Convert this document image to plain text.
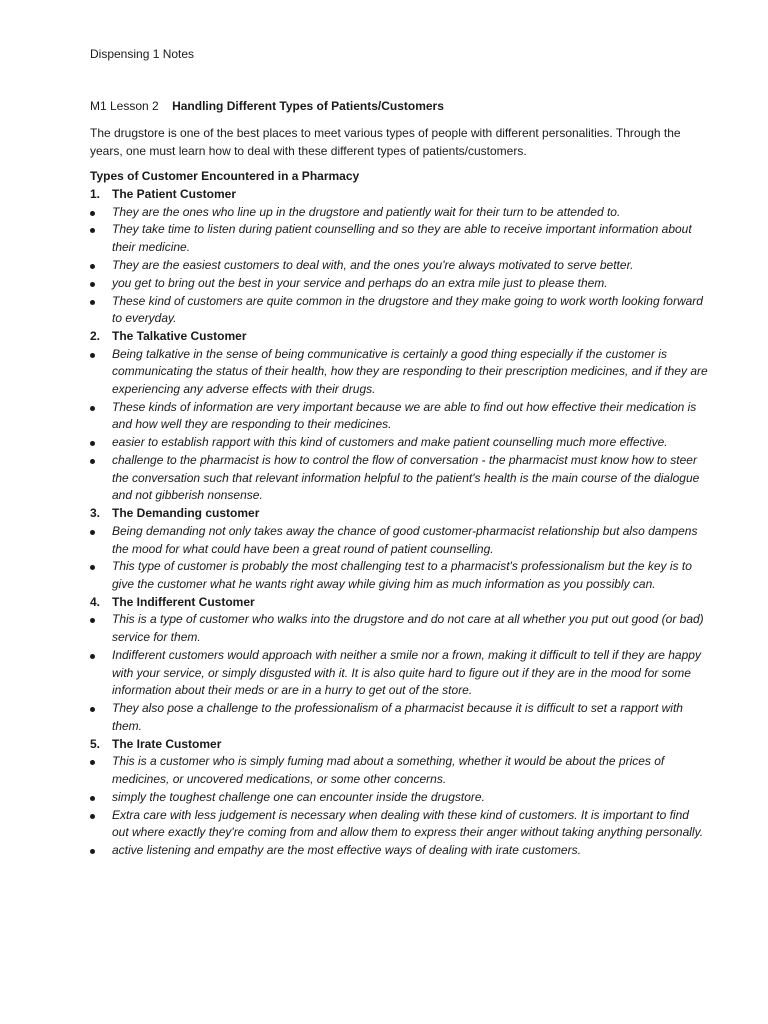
Dispensing 1 Notes
M1 Lesson 2 Handling Different Types of Patients/Customers

The drugstore is one of the best places to meet various types of people with different personalities. Through the years, one must learn how to deal with these different types of patients/customers.

Types of Customer Encountered in a Pharmacy

1. The Patient Customer
They are the ones who line up in the drugstore and patiently wait for their turn to be attended to.
They take time to listen during patient counselling and so they are able to receive important information about their medicine.
They are the easiest customers to deal with, and the ones you're always motivated to serve better.
you get to bring out the best in your service and perhaps do an extra mile just to please them.
These kind of customers are quite common in the drugstore and they make going to work worth looking forward to everyday.
2. The Talkative Customer
Being talkative in the sense of being communicative is certainly a good thing especially if the customer is communicating the status of their health, how they are responding to their prescription medicines, and if they are experiencing any adverse effects with their drugs.
These kinds of information are very important because we are able to find out how effective their medication is and how well they are responding to their medicines.
easier to establish rapport with this kind of customers and make patient counselling much more effective.
challenge to the pharmacist is how to control the flow of conversation - the pharmacist must know how to steer the conversation such that relevant information helpful to the patient's health is the main course of the dialogue and not gibberish nonsense.
3. The Demanding customer
Being demanding not only takes away the chance of good customer-pharmacist relationship but also dampens the mood for what could have been a great round of patient counselling.
This type of customer is probably the most challenging test to a pharmacist's professionalism but the key is to give the customer what he wants right away while giving him as much information as you possibly can.
4. The Indifferent Customer
This is a type of customer who walks into the drugstore and do not care at all whether you put out good (or bad) service for them.
Indifferent customers would approach with neither a smile nor a frown, making it difficult to tell if they are happy with your service, or simply disgusted with it. It is also quite hard to figure out if they are in the mood for some information about their meds or are in a hurry to get out of the store.
They also pose a challenge to the professionalism of a pharmacist because it is difficult to set a rapport with them.
5. The Irate Customer
This is a customer who is simply fuming mad about a something, whether it would be about the prices of medicines, or uncovered medications, or some other concerns.
simply the toughest challenge one can encounter inside the drugstore.
Extra care with less judgement is necessary when dealing with these kind of customers. It is important to find out where exactly they're coming from and allow them to express their anger without taking anything personally.
active listening and empathy are the most effective ways of dealing with irate customers.
